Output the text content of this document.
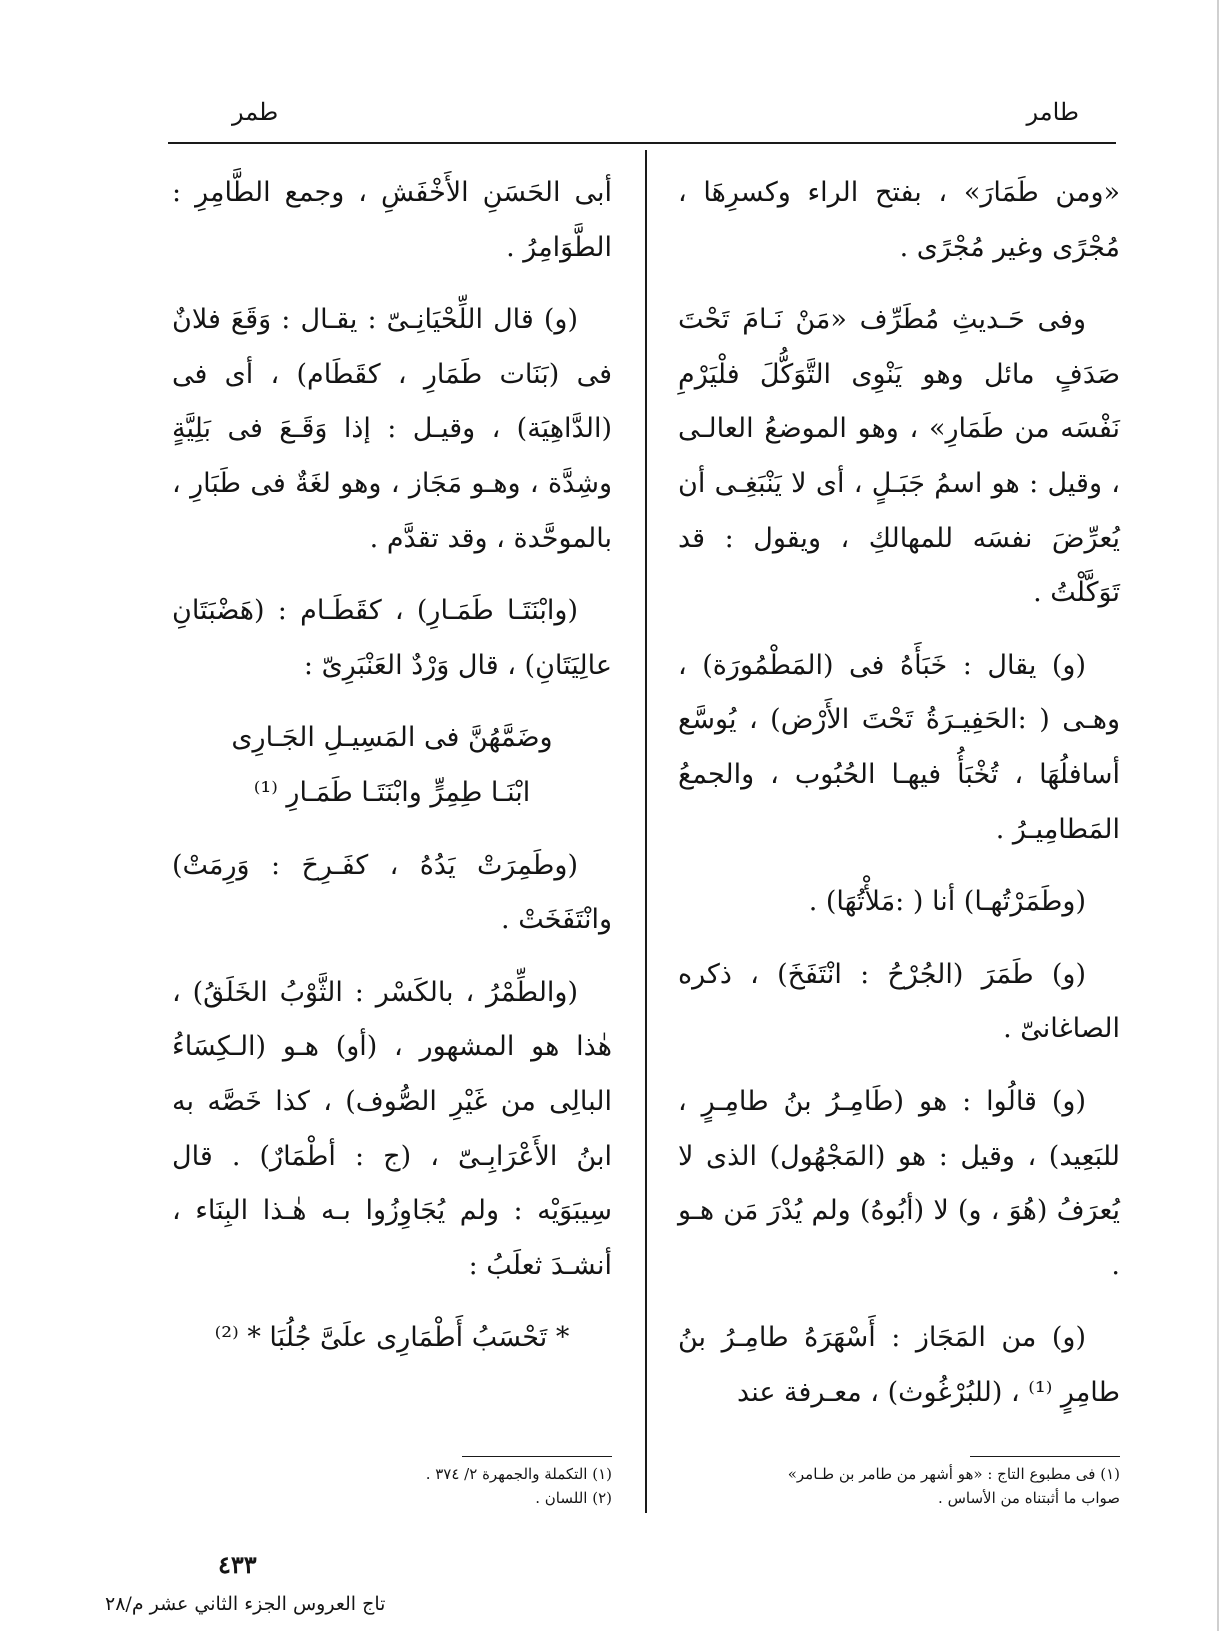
طامر
طمر

«ومن طَمَارَ» ، بفتح الراء وكسرِهَا ، مُجْرًى وغير مُجْرًى .

وفى حَـديثِ مُطَرِّف «مَنْ نَـامَ تَحْتَ صَدَفٍ مائل وهو يَنْوِى التَّوَكُّلَ فلْيَرْمِ نَفْسَه من طَمَارِ» ، وهو الموضعُ العالـى ، وقيل : هو اسمُ جَبَـلٍ ، أى لا يَنْبَغِـى أن يُعرِّضَ نفسَه للمهالكِ ، ويقول : قد تَوَكَّلْتُ .

(و) يقال : خَبَأَهُ فى (المَطْمُورَة) ، وهـى ( :الحَفِيـرَةُ تَحْتَ الأَرْض) ، يُوسَّع أسافلُهَا ، تُخْبَأُ فيهـا الحُبُوب ، والجمعُ المَطامِيـرُ .

(وطَمَرْتُهـا) أنا ( :مَلأْتُهَا) .

(و) طَمَرَ (الجُرْحُ : انْتَفَخَ) ، ذكره الصاغانىّ .

(و) قالُوا : هو (طَامِـرُ بنُ طامِـرٍ ، للبَعِيد) ، وقيل : هو (المَجْهُول) الذى لا يُعرَفُ (هُوَ ، و) لا (أبُوهُ) ولم يُدْرَ مَن هـو .

(و) من المَجَاز : أَسْهَرَهُ طامِـرُ بنُ طامِرٍ ⁽¹⁾ ، (للبُرْغُوث) ، معـرفة عند

أبى الحَسَنِ الأَخْفَشِ ، وجمع الطَّامِرِ : الطَّوَامِرُ .

(و) قال اللِّحْيَانِـىّ : يقـال : وَقَعَ فلانٌ فى (بَنَات طَمَارِ ، كقَطَام) ، أى فى (الدَّاهِيَة) ، وقيـل : إذا وَقَـعَ فى بَلِيَّةٍ وشِدَّة ، وهـو مَجَاز ، وهو لغَةٌ فى طَبَارِ ، بالموحَّدة ، وقد تقدَّم .

(وابْنَتَـا طَمَـارِ) ، كقَطَـام : (هَضْبَتَانِ عالِيَتَانِ) ، قال وَرْدٌ العَنْبَرِىّ :

وضَمَّهُنَّ فى المَسِيـلِ الجَـارِى

ابْنَـا طِمِرٍّ وابْنَتَـا طَمَـارِ ⁽¹⁾

(وطَمِرَتْ يَدُهُ ، كفَـرِحَ : وَرِمَتْ) وانْتَفَخَتْ .

(والطِّمْرُ ، بالكَسْر : الثَّوْبُ الخَلَقُ) ، هٰذا هو المشهور ، (أو) هـو (الـكِسَاءُ البالِى من غَيْرِ الصُّوف) ، كذا خَصَّه به ابنُ الأَعْرَابِـىّ ، (ج : أطْمَارٌ) . قال سِيبَوَيْه : ولم يُجَاوِزُوا بـه هٰـذا البِنَاء ، أنشـدَ ثعلَبُ :

* تَحْسَبُ أَطْمَارِى علَىَّ جُلُبَا * ⁽²⁾

(١) فى مطبوع التاج : «هو أشهر من طامر بن طـامر»
صواب ما أثبتناه من الأساس .
(١) التكملة والجمهرة ٢/ ٣٧٤ .
(٢) اللسان .
٤٣٣
تاج العروس الجزء الثاني عشر م/٢٨
